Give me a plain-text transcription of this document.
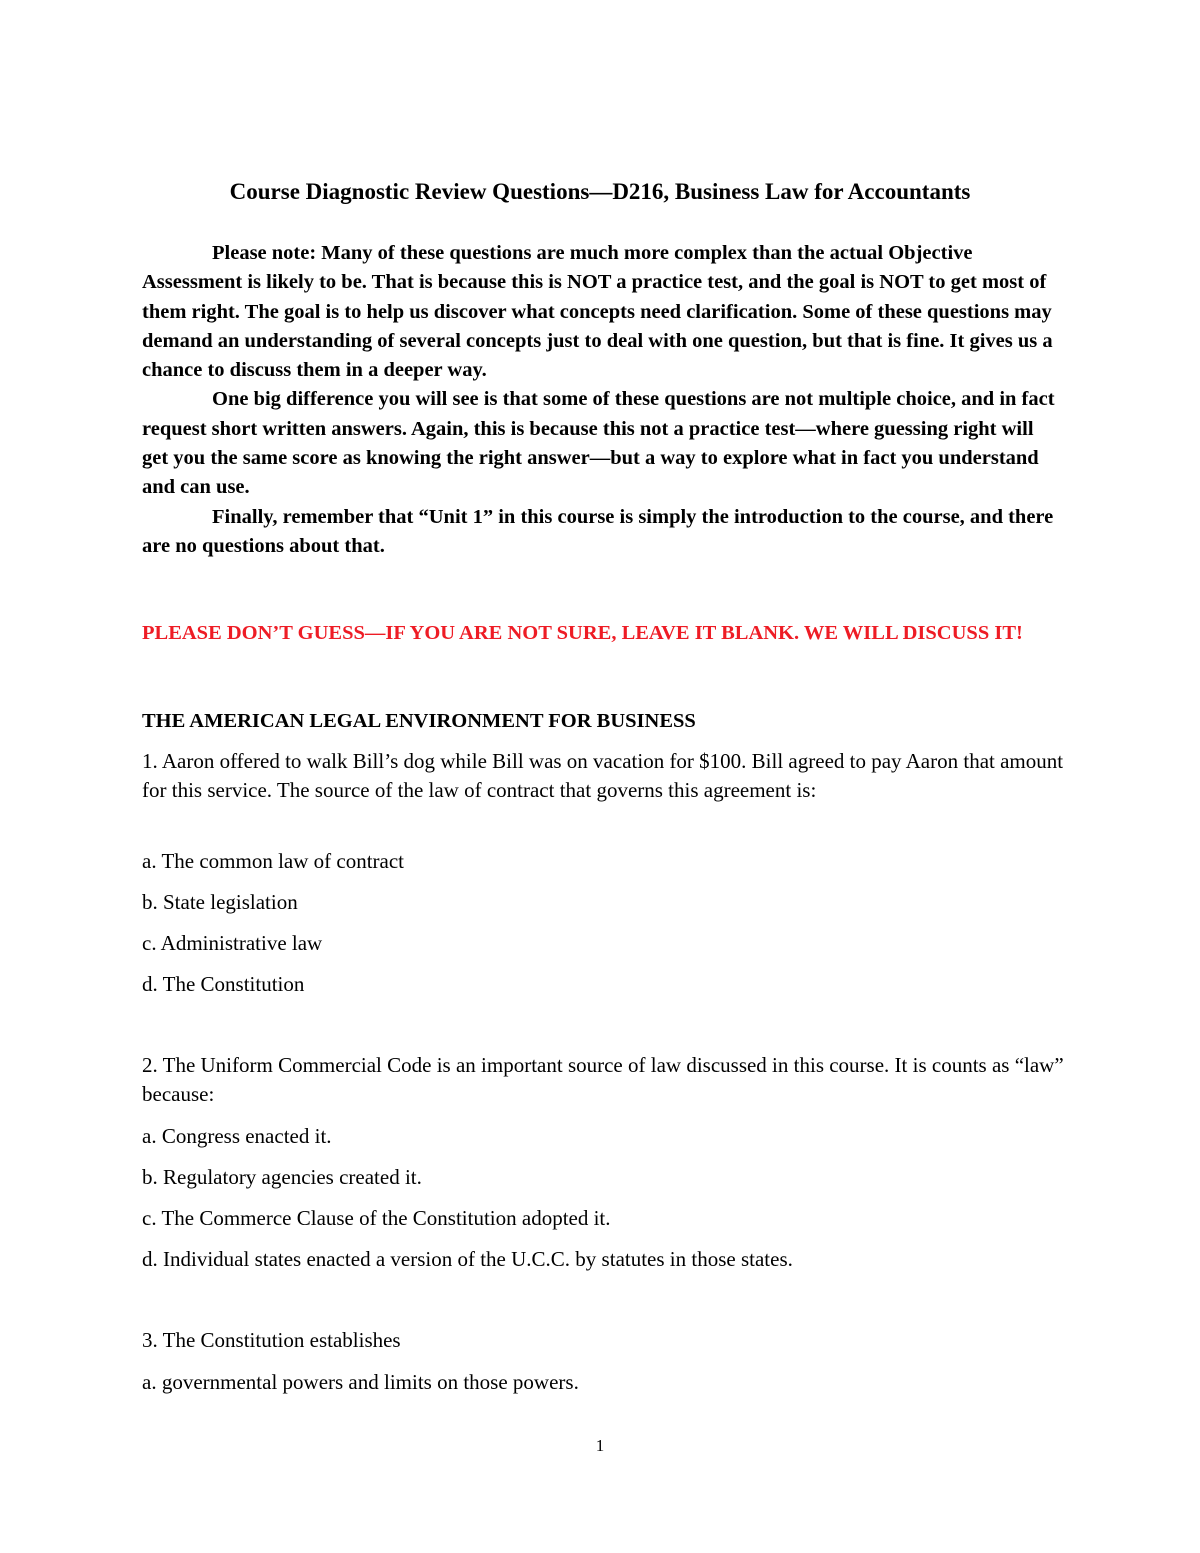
Course Diagnostic Review Questions—D216, Business Law for Accountants

Please note: Many of these questions are much more complex than the actual Objective Assessment is likely to be. That is because this is NOT a practice test, and the goal is NOT to get most of them right. The goal is to help us discover what concepts need clarification. Some of these questions may demand an understanding of several concepts just to deal with one question, but that is fine. It gives us a chance to discuss them in a deeper way.

One big difference you will see is that some of these questions are not multiple choice, and in fact request short written answers. Again, this is because this not a practice test—where guessing right will get you the same score as knowing the right answer—but a way to explore what in fact you understand and can use.

Finally, remember that “Unit 1” in this course is simply the introduction to the course, and there are no questions about that.

PLEASE DON’T GUESS—IF YOU ARE NOT SURE, LEAVE IT BLANK. WE WILL DISCUSS IT!
THE AMERICAN LEGAL ENVIRONMENT FOR BUSINESS
1. Aaron offered to walk Bill’s dog while Bill was on vacation for $100. Bill agreed to pay Aaron that amount for this service. The source of the law of contract that governs this agreement is:
a. The common law of contract
b. State legislation
c. Administrative law
d. The Constitution
2. The Uniform Commercial Code is an important source of law discussed in this course. It is counts as “law” because:
a. Congress enacted it.
b. Regulatory agencies created it.
c. The Commerce Clause of the Constitution adopted it.
d. Individual states enacted a version of the U.C.C. by statutes in those states.
3. The Constitution establishes
a. governmental powers and limits on those powers.
1
